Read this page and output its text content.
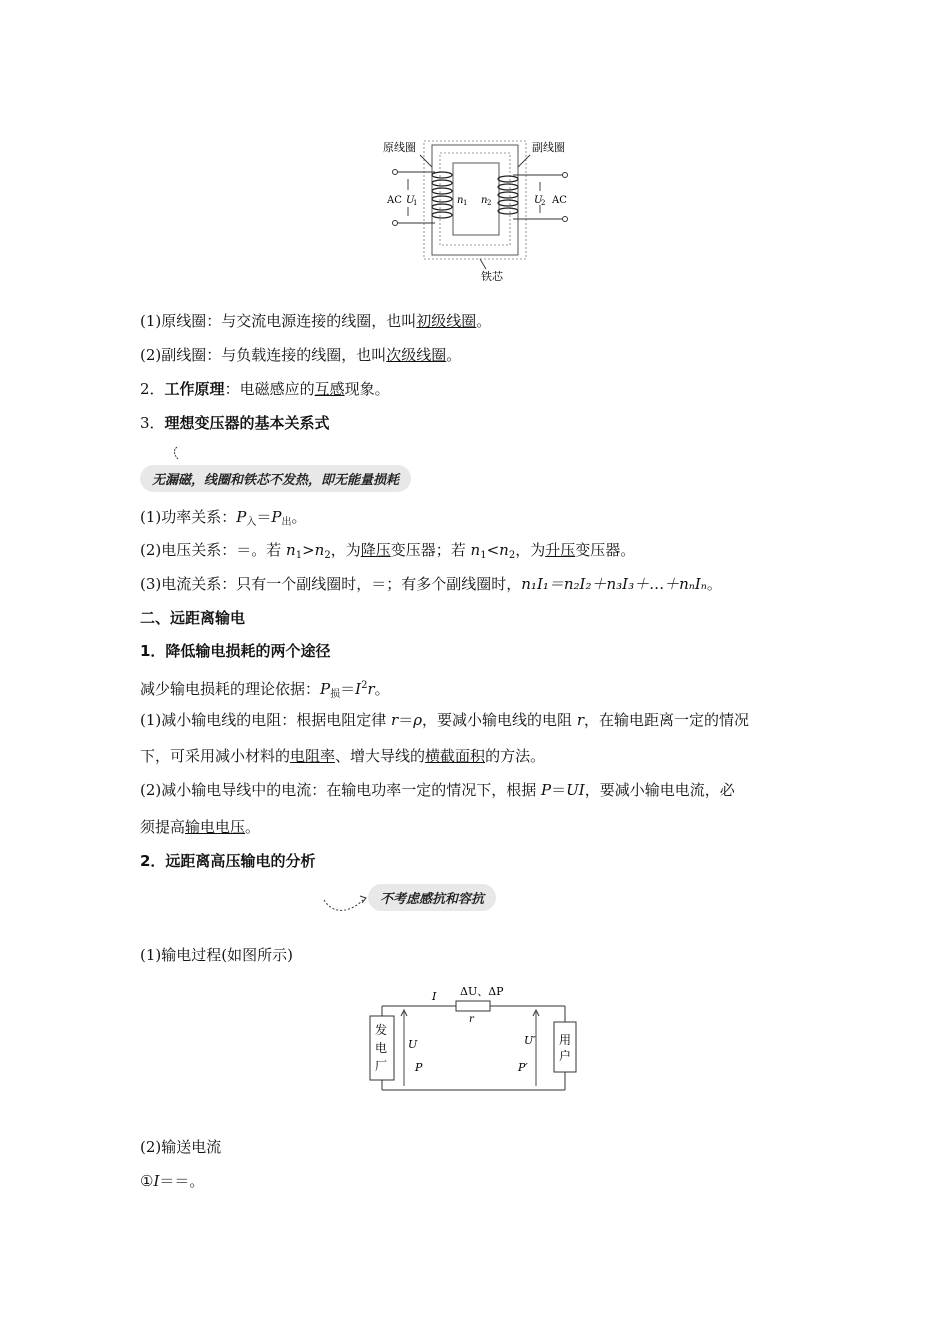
原线圈	副线圈
铁芯
AC U
1	U
2 AC
n 1 n 2
(1)原线圈：与交流电源连接的线圈，也叫初级线圈。
(2)副线圈：与负载连接的线圈，也叫次级线圈。
2．工作原理：电磁感应的互感现象。
3．理想变压器的基本关系式
无漏磁，线圈和铁芯不发热，即无能量损耗
(1)功率关系：$P_入=P_出$。
(2)电压关系：＝。若 $n_1>n_2$，为降压变压器；若 $n_1<n_2$，为升压变压器。
(3)电流关系：只有一个副线圈时，＝；有多个副线圈时，n₁I₁＝n₂I₂＋n₃I₃＋…＋nₙIₙ。
二、远距离输电
1．降低输电损耗的两个途径
减少输电损耗的理论依据：$P_损=I^2r$。
(1)减小输电线的电阻：根据电阻定律 r＝ρ，要减小输电线的电阻 r，在输电距离一定的情况
下，可采用减小材料的电阻率、增大导线的横截面积的方法。
(2)减小输电导线中的电流：在输电功率一定的情况下，根据 P＝UI，要减小输电电流，必
须提高输电电压。
2．远距离高压输电的分析
不考虑感抗和容抗
(1)输电过程(如图所示)
发
电
厂
用
户
I ΔU、ΔP
r
U
P
U′
P′
(2)输送电流
①I＝＝。
